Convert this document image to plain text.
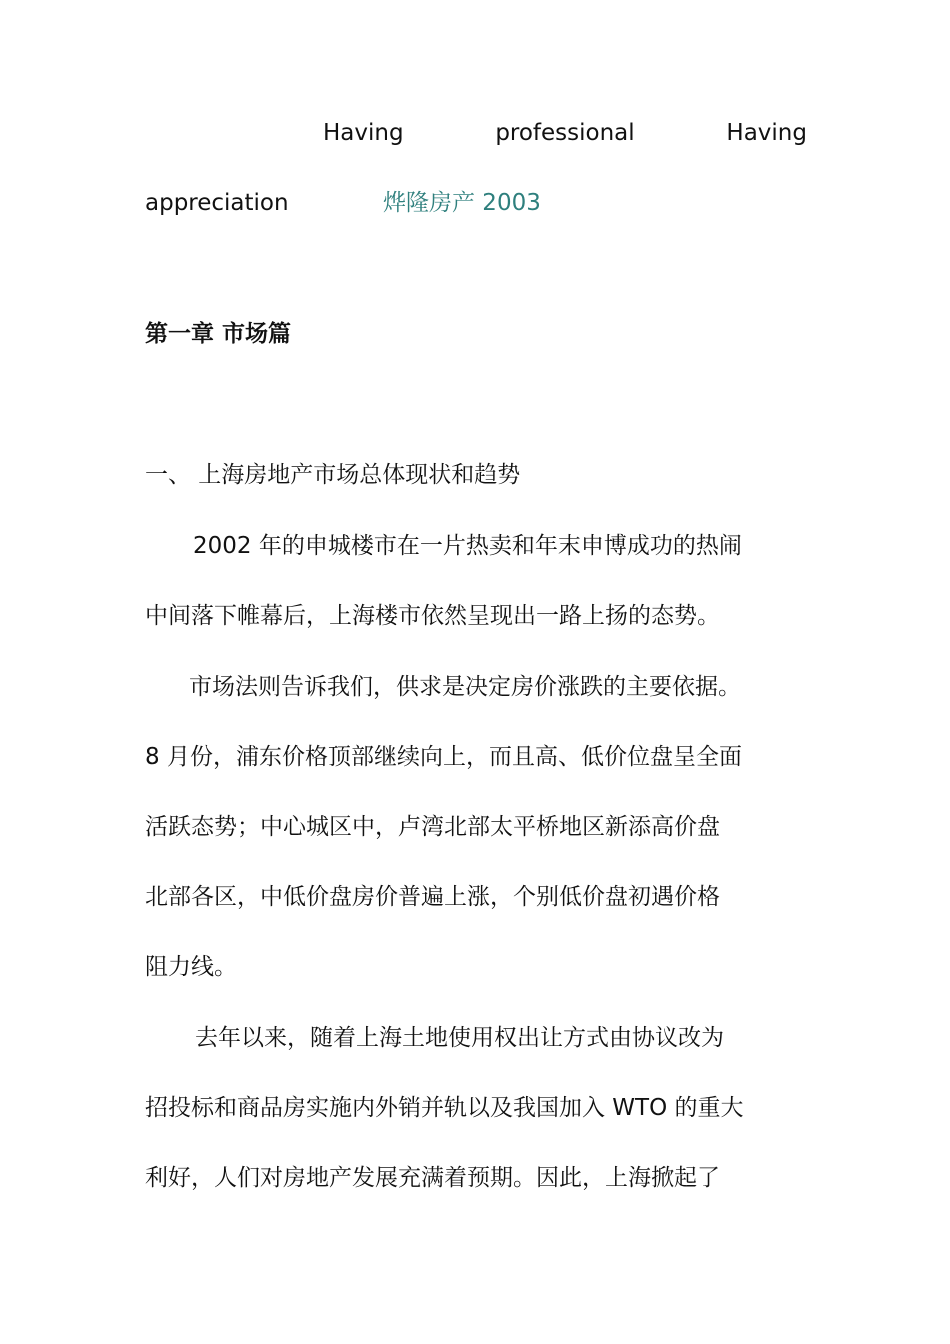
Having	professional	Having
appreciation	烨隆房产 2003
第一章 市场篇
一、 上海房地产市场总体现状和趋势
2002 年的申城楼市在一片热卖和年末申博成功的热闹
中间落下帷幕后，上海楼市依然呈现出一路上扬的态势。
市场法则告诉我们，供求是决定房价涨跌的主要依据。
8 月份，浦东价格顶部继续向上，而且高、低价位盘呈全面
活跃态势；中心城区中，卢湾北部太平桥地区新添高价盘
北部各区，中低价盘房价普遍上涨，个别低价盘初遇价格
阻力线。
去年以来，随着上海土地使用权出让方式由协议改为
招投标和商品房实施内外销并轨以及我国加入 WTO 的重大
利好，人们对房地产发展充满着预期。因此，上海掀起了
